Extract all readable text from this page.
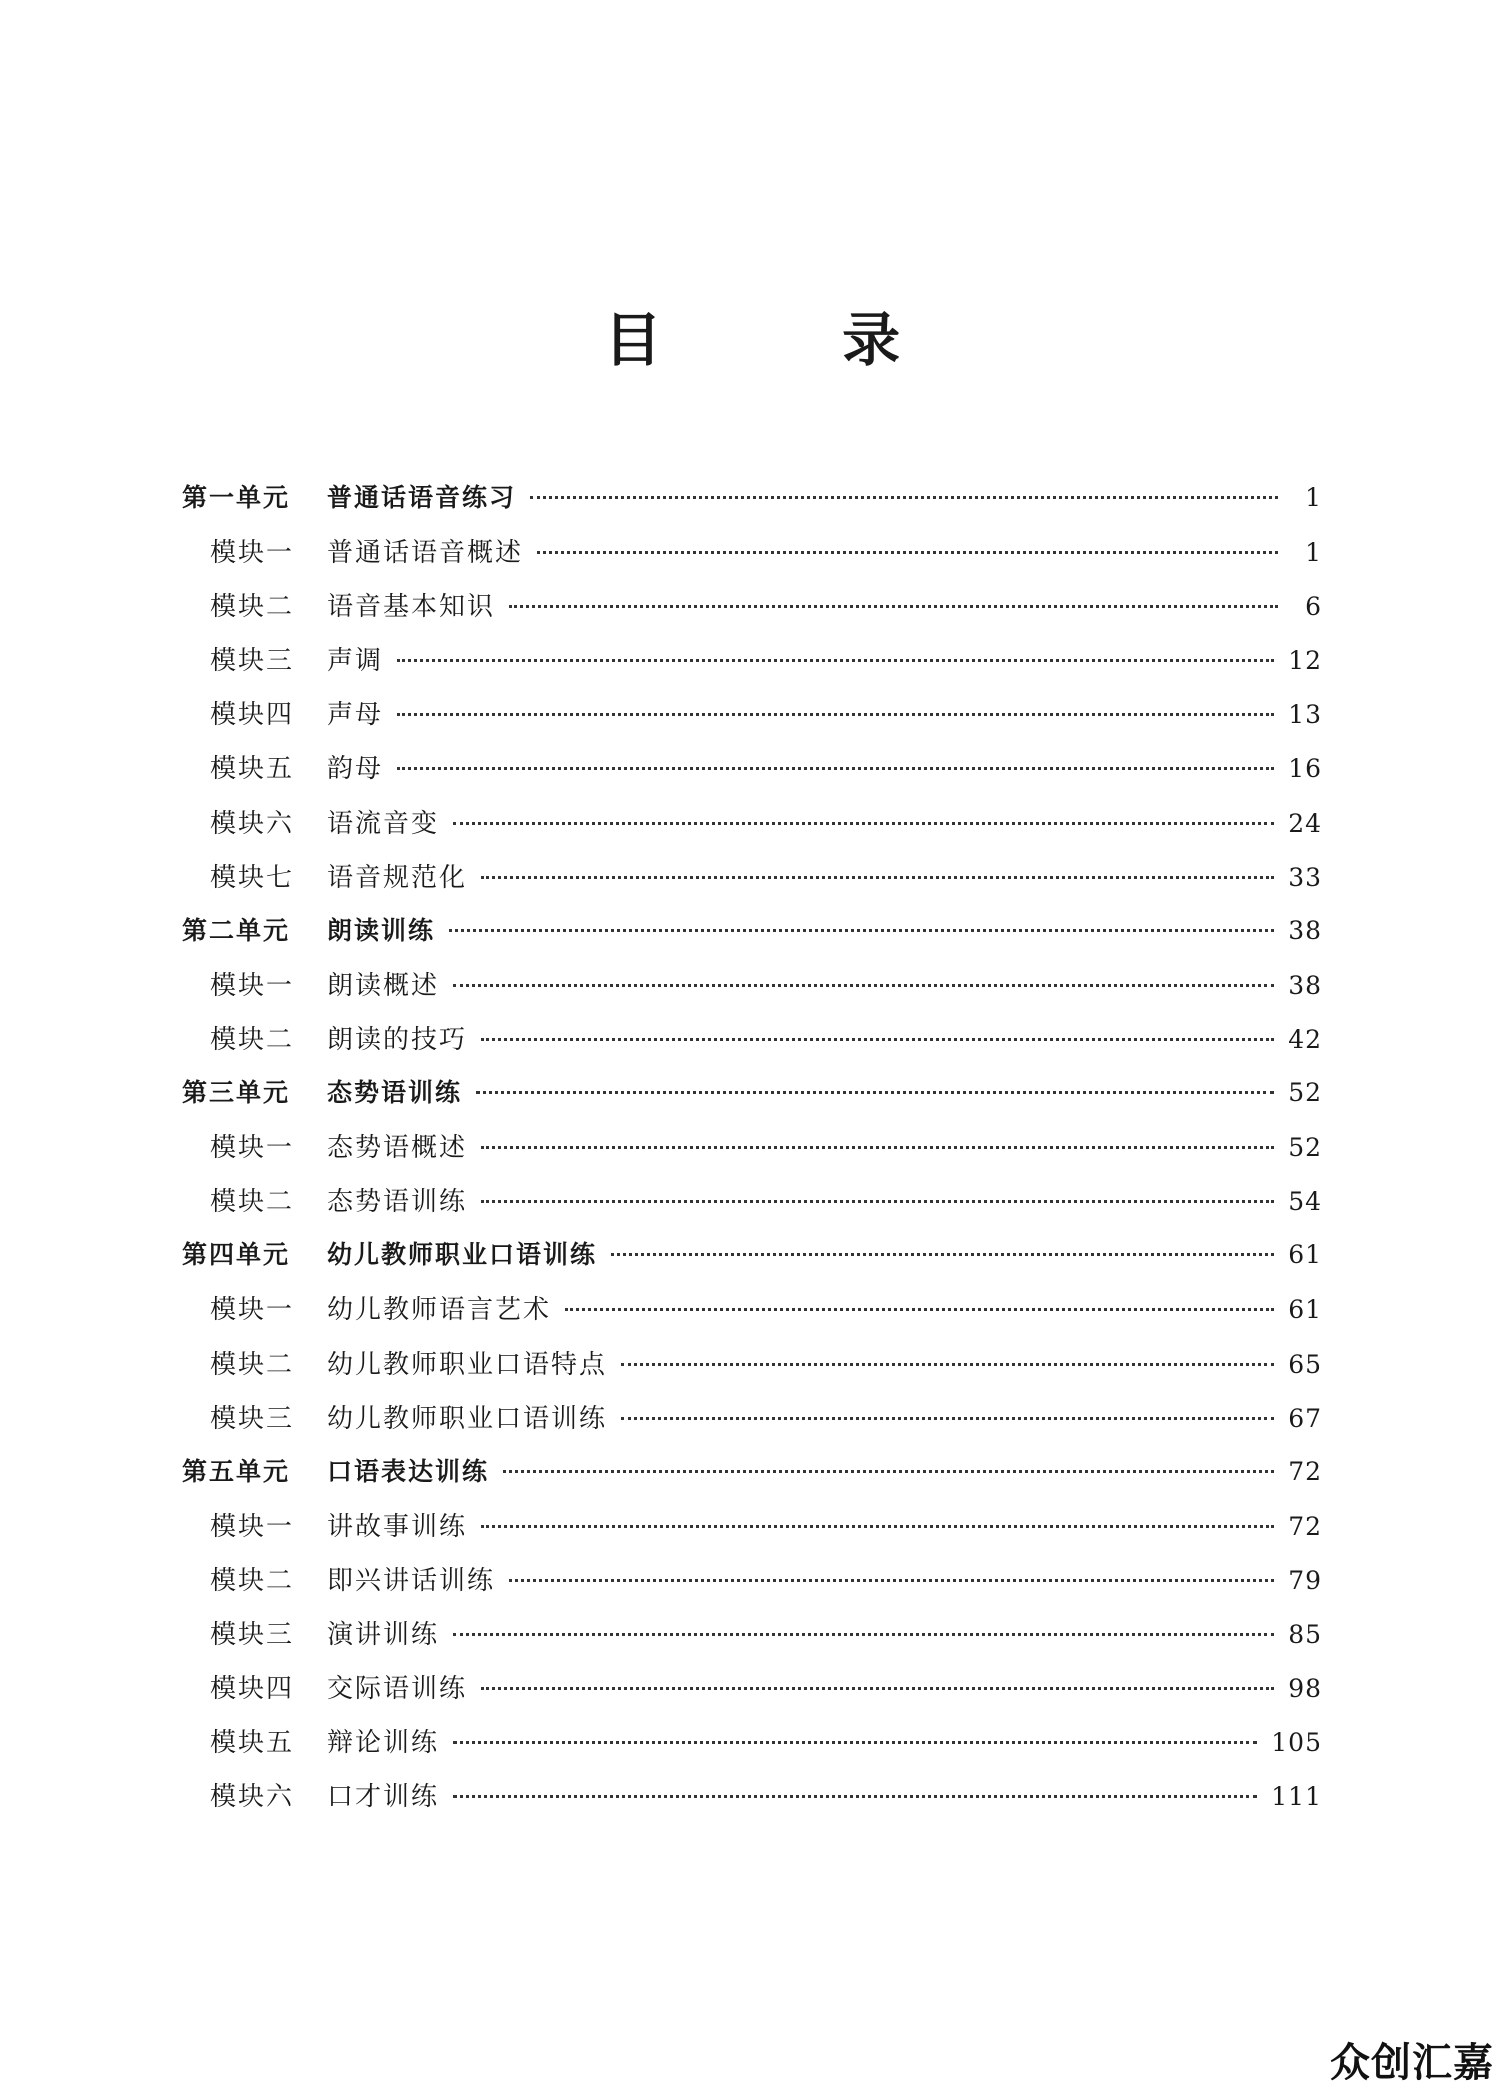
目 录
第一单元	普通话语音练习	1
模块一	普通话语音概述	1
模块二	语音基本知识	6
模块三	声调	12
模块四	声母	13
模块五	韵母	16
模块六	语流音变	24
模块七	语音规范化	33
第二单元	朗读训练	38
模块一	朗读概述	38
模块二	朗读的技巧	42
第三单元	态势语训练	52
模块一	态势语概述	52
模块二	态势语训练	54
第四单元	幼儿教师职业口语训练	61
模块一	幼儿教师语言艺术	61
模块二	幼儿教师职业口语特点	65
模块三	幼儿教师职业口语训练	67
第五单元	口语表达训练	72
模块一	讲故事训练	72
模块二	即兴讲话训练	79
模块三	演讲训练	85
模块四	交际语训练	98
模块五	辩论训练	105
模块六	口才训练	111
众创汇嘉
